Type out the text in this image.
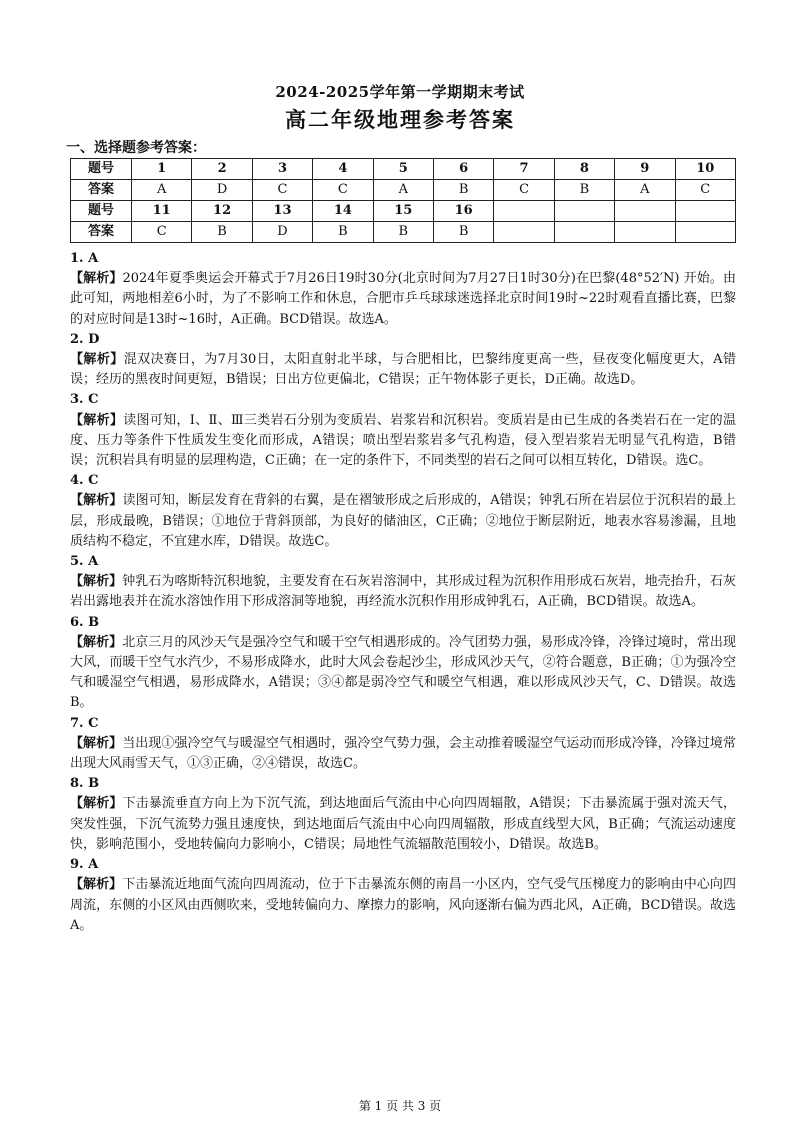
2024-2025学年第一学期期末考试
高二年级地理参考答案
一、选择题参考答案：
题号	1	2	3	4	5	6	7	8	9	10
答案	A	D	C	C	A	B	C	B	A	C
题号	11	12	13	14	15	16				
答案	C	B	D	B	B	B				

1. A

【解析】2024年夏季奥运会开幕式于7月26日19时30分(北京时间为7月27日1时30分)在巴黎(48°52′N) 开始。由此可知，两地相差6小时，为了不影响工作和休息，合肥市乒乓球球迷选择北京时间19时~22时观看直播比赛，巴黎的对应时间是13时~16时，A正确。BCD错误。故选A。

2. D

【解析】混双决赛日，为7月30日，太阳直射北半球，与合肥相比，巴黎纬度更高一些，昼夜变化幅度更大，A错误；经历的黑夜时间更短，B错误；日出方位更偏北，C错误；正午物体影子更长，D正确。故选D。

3. C

【解析】读图可知，Ⅰ、Ⅱ、Ⅲ三类岩石分别为变质岩、岩浆岩和沉积岩。变质岩是由已生成的各类岩石在一定的温度、压力等条件下性质发生变化而形成，A错误；喷出型岩浆岩多气孔构造，侵入型岩浆岩无明显气孔构造，B错误；沉积岩具有明显的层理构造，C正确；在一定的条件下，不同类型的岩石之间可以相互转化，D错误。选C。

4. C

【解析】读图可知，断层发育在背斜的右翼，是在褶皱形成之后形成的，A错误；钟乳石所在岩层位于沉积岩的最上层，形成最晚，B错误；①地位于背斜顶部，为良好的储油区，C正确；②地位于断层附近，地表水容易渗漏，且地质结构不稳定，不宜建水库，D错误。故选C。

5. A

【解析】钟乳石为喀斯特沉积地貌，主要发育在石灰岩溶洞中，其形成过程为沉积作用形成石灰岩，地壳抬升，石灰岩出露地表并在流水溶蚀作用下形成溶洞等地貌，再经流水沉积作用形成钟乳石，A正确，BCD错误。故选A。

6. B

【解析】北京三月的风沙天气是强冷空气和暖干空气相遇形成的。冷气团势力强，易形成冷锋，冷锋过境时，常出现大风，而暖干空气水汽少，不易形成降水，此时大风会卷起沙尘，形成风沙天气，②符合题意，B正确；①为强冷空气和暖湿空气相遇，易形成降水，A错误；③④都是弱冷空气和暖空气相遇，难以形成风沙天气，C、D错误。故选B。

7. C

【解析】当出现①强冷空气与暖湿空气相遇时，强冷空气势力强，会主动推着暖湿空气运动而形成冷锋，冷锋过境常出现大风雨雪天气，①③正确，②④错误，故选C。

8. B

【解析】下击暴流垂直方向上为下沉气流，到达地面后气流由中心向四周辐散，A错误；下击暴流属于强对流天气，突发性强，下沉气流势力强且速度快，到达地面后气流由中心向四周辐散，形成直线型大风，B正确；气流运动速度快，影响范围小，受地转偏向力影响小，C错误；局地性气流辐散范围较小，D错误。故选B。

9. A

【解析】下击暴流近地面气流向四周流动，位于下击暴流东侧的南昌一小区内，空气受气压梯度力的影响由中心向四周流，东侧的小区风由西侧吹来，受地转偏向力、摩擦力的影响，风向逐渐右偏为西北风，A正确，BCD错误。故选A。

第 1 页 共 3 页
